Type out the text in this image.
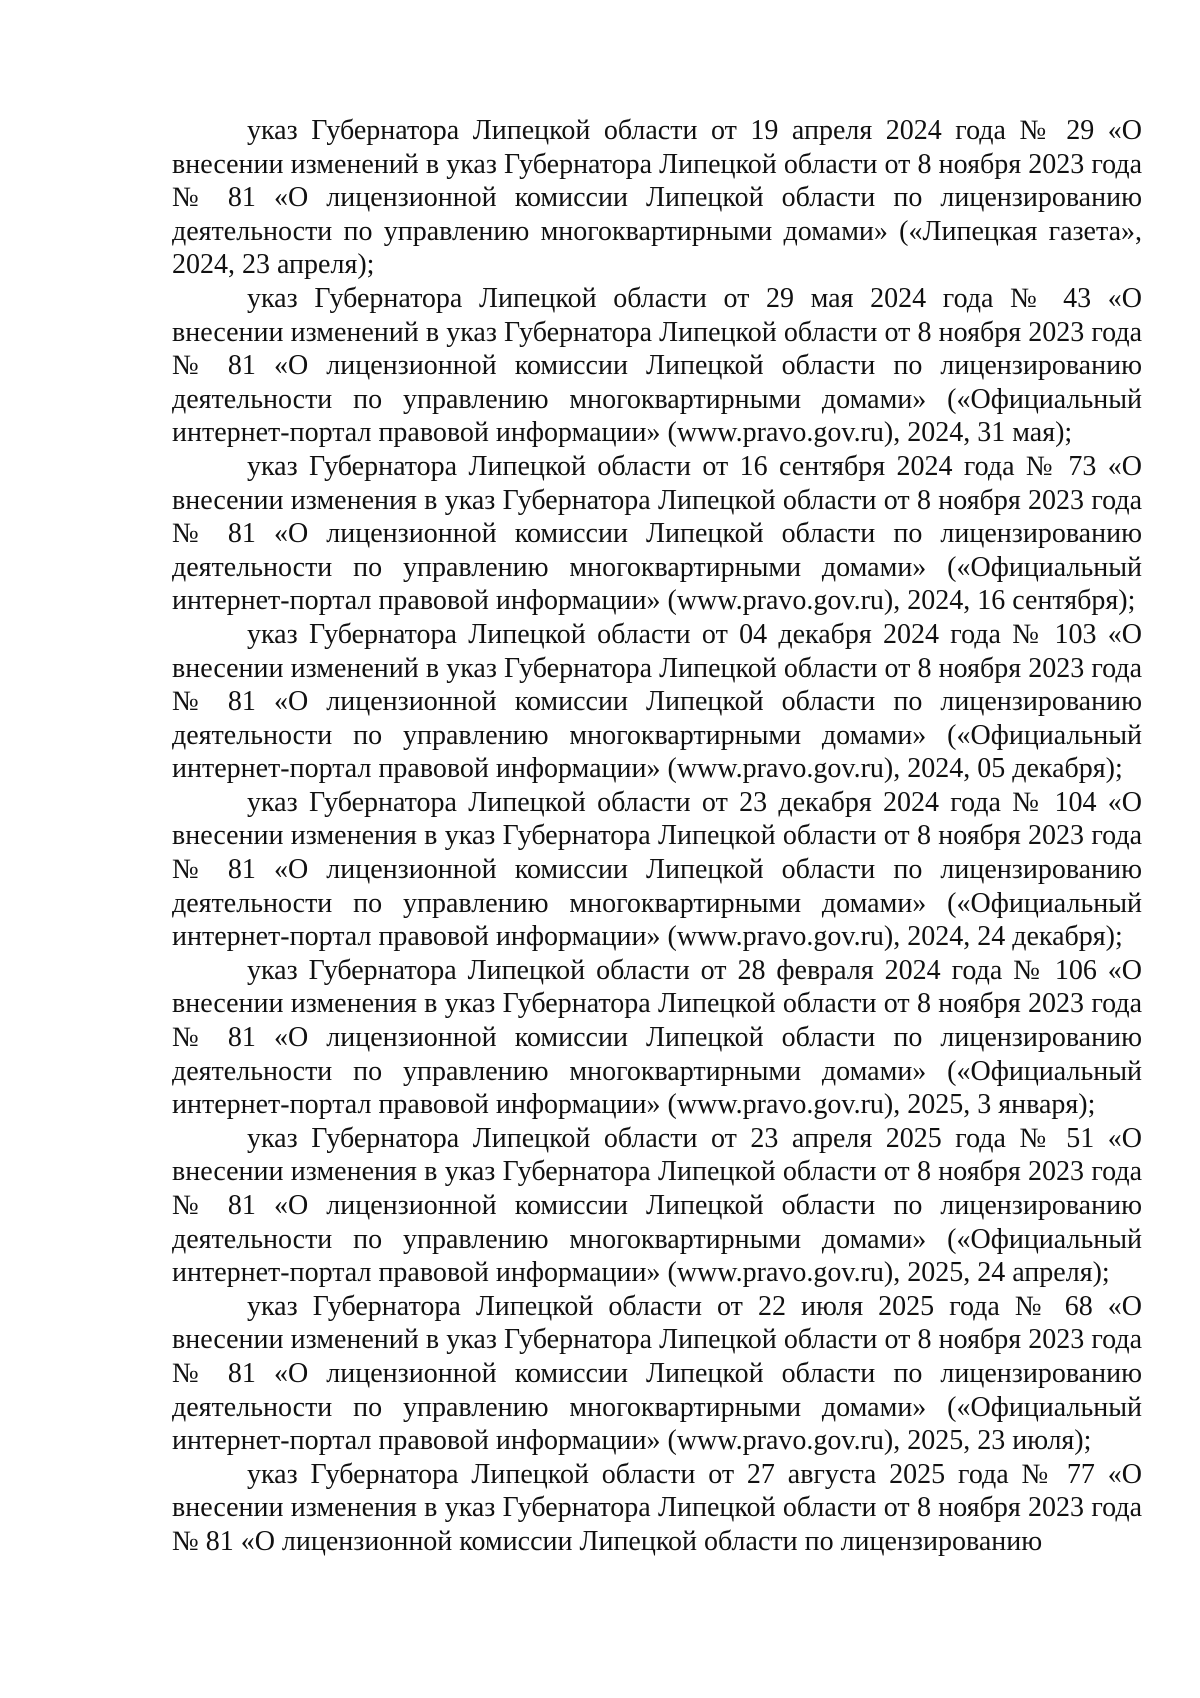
указ Губернатора Липецкой области от 19 апреля 2024 года № 29 «О внесении изменений в указ Губернатора Липецкой области от 8 ноября 2023 года № 81 «О лицензионной комиссии Липецкой области по лицензированию деятельности по управлению многоквартирными домами» («Липецкая газета», 2024, 23 апреля);

указ Губернатора Липецкой области от 29 мая 2024 года № 43 «О внесении изменений в указ Губернатора Липецкой области от 8 ноября 2023 года № 81 «О лицензионной комиссии Липецкой области по лицензированию деятельности по управлению многоквартирными домами» («Официальный интернет-портал правовой информации» (www.pravo.gov.ru), 2024, 31 мая);

указ Губернатора Липецкой области от 16 сентября 2024 года № 73 «О внесении изменения в указ Губернатора Липецкой области от 8 ноября 2023 года № 81 «О лицензионной комиссии Липецкой области по лицензированию деятельности по управлению многоквартирными домами» («Официальный интернет-портал правовой информации» (www.pravo.gov.ru), 2024, 16 сентября);

указ Губернатора Липецкой области от 04 декабря 2024 года № 103 «О внесении изменений в указ Губернатора Липецкой области от 8 ноября 2023 года № 81 «О лицензионной комиссии Липецкой области по лицензированию деятельности по управлению многоквартирными домами» («Официальный интернет-портал правовой информации» (www.pravo.gov.ru), 2024, 05 декабря);

указ Губернатора Липецкой области от 23 декабря 2024 года № 104 «О внесении изменения в указ Губернатора Липецкой области от 8 ноября 2023 года № 81 «О лицензионной комиссии Липецкой области по лицензированию деятельности по управлению многоквартирными домами» («Официальный интернет-портал правовой информации» (www.pravo.gov.ru), 2024, 24 декабря);

указ Губернатора Липецкой области от 28 февраля 2024 года № 106 «О внесении изменения в указ Губернатора Липецкой области от 8 ноября 2023 года № 81 «О лицензионной комиссии Липецкой области по лицензированию деятельности по управлению многоквартирными домами» («Официальный интернет-портал правовой информации» (www.pravo.gov.ru), 2025, 3 января);

указ Губернатора Липецкой области от 23 апреля 2025 года № 51 «О внесении изменения в указ Губернатора Липецкой области от 8 ноября 2023 года № 81 «О лицензионной комиссии Липецкой области по лицензированию деятельности по управлению многоквартирными домами» («Официальный интернет-портал правовой информации» (www.pravo.gov.ru), 2025, 24 апреля);

указ Губернатора Липецкой области от 22 июля 2025 года № 68 «О внесении изменений в указ Губернатора Липецкой области от 8 ноября 2023 года № 81 «О лицензионной комиссии Липецкой области по лицензированию деятельности по управлению многоквартирными домами» («Официальный интернет-портал правовой информации» (www.pravo.gov.ru), 2025, 23 июля);

указ Губернатора Липецкой области от 27 августа 2025 года № 77 «О внесении изменения в указ Губернатора Липецкой области от 8 ноября 2023 года № 81 «О лицензионной комиссии Липецкой области по лицензированию
